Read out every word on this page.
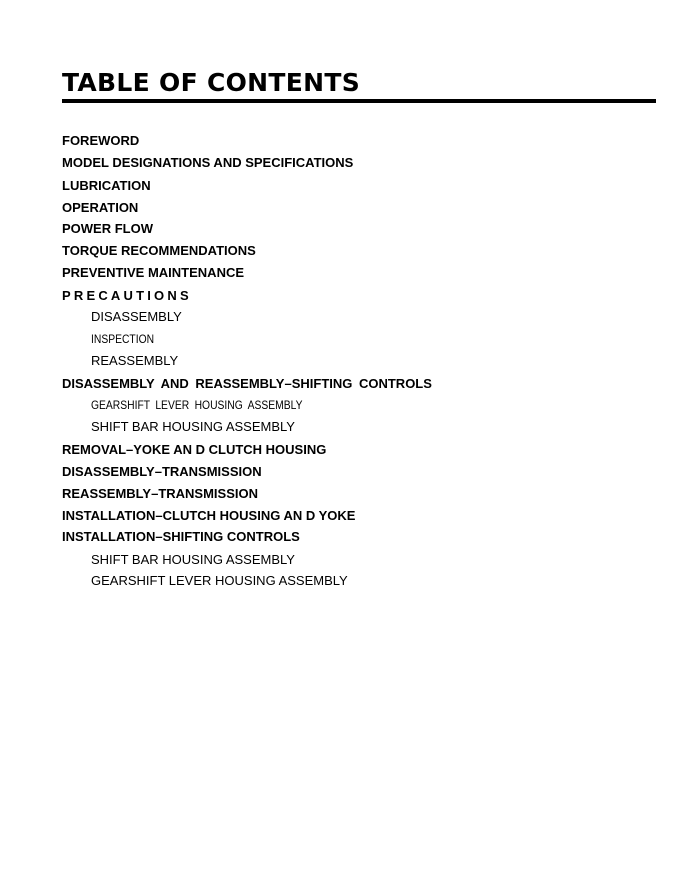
TABLE OF CONTENTS
FOREWORD
MODEL DESIGNATIONS AND SPECIFICATIONS
LUBRICATION
OPERATION
POWER FLOW
TORQUE RECOMMENDATIONS
PREVENTIVE MAINTENANCE
PRECAUTIONS
DISASSEMBLY
INSPECTION
REASSEMBLY
DISASSEMBLY AND REASSEMBLY–SHIFTING CONTROLS
GEARSHIFT LEVER HOUSING ASSEMBLY
SHIFT BAR HOUSING ASSEMBLY
REMOVAL–YOKE AN D CLUTCH HOUSING
DISASSEMBLY–TRANSMISSION
REASSEMBLY–TRANSMISSION
INSTALLATION–CLUTCH HOUSING AN D YOKE
INSTALLATION–SHIFTING CONTROLS
SHIFT BAR HOUSING ASSEMBLY
GEARSHIFT LEVER HOUSING ASSEMBLY
